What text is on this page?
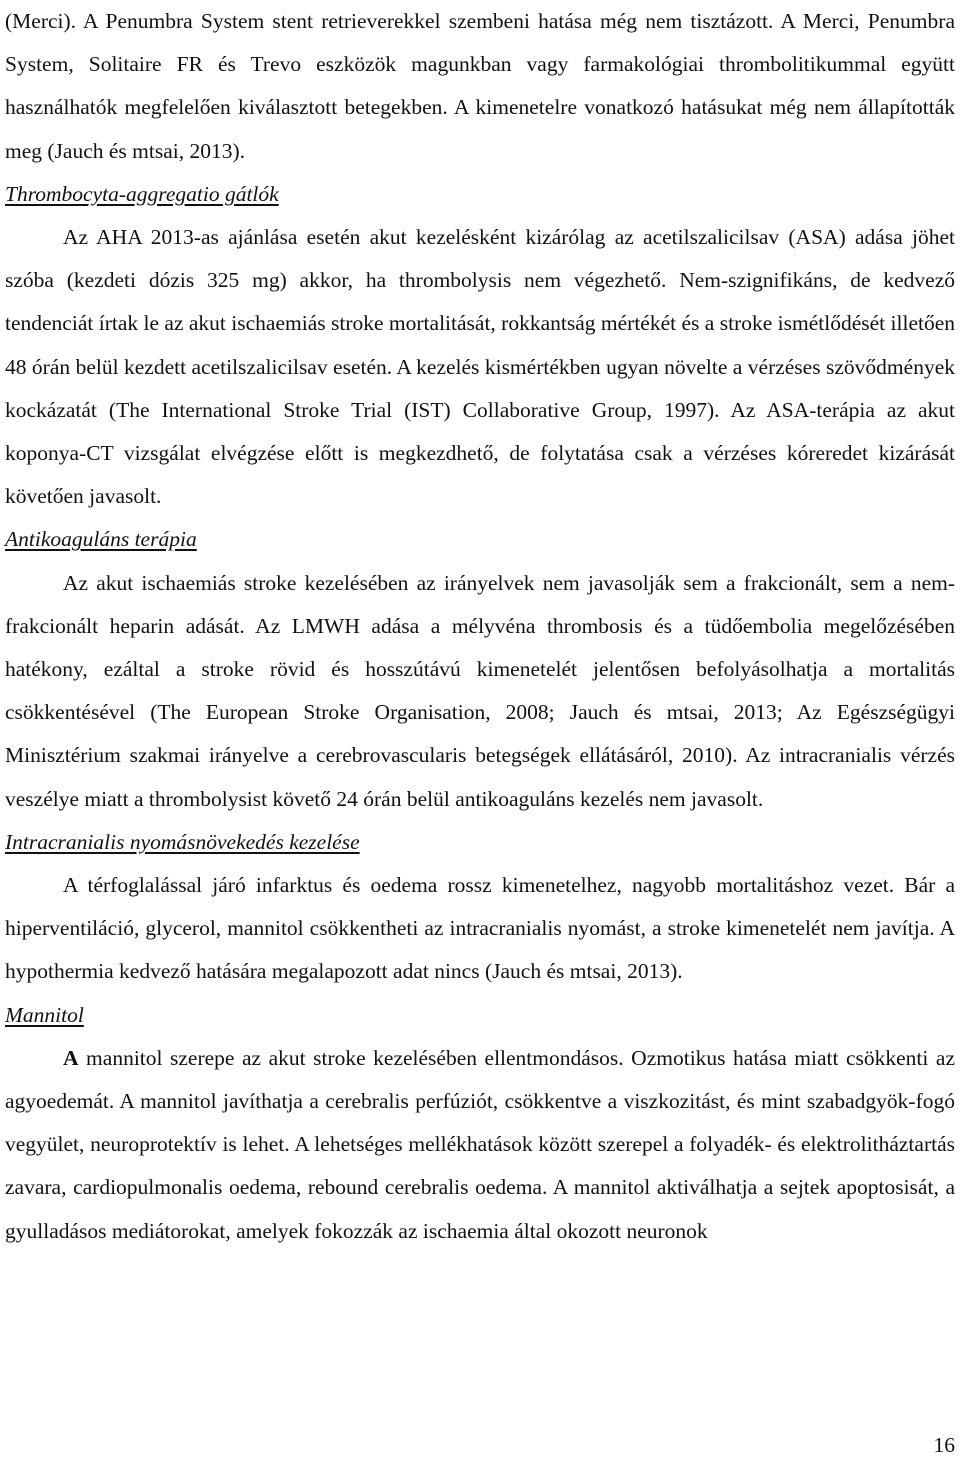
(Merci). A Penumbra System stent retrieverekkel szembeni hatása még nem tisztázott. A Merci, Penumbra System, Solitaire FR és Trevo eszközök magunkban vagy farmakológiai thrombolitikummal együtt használhatók megfelelően kiválasztott betegekben. A kimenetelre vonatkozó hatásukat még nem állapították meg (Jauch és mtsai, 2013).

Thrombocyta-aggregatio gátlók

Az AHA 2013-as ajánlása esetén akut kezelésként kizárólag az acetilszalicilsav (ASA) adása jöhet szóba (kezdeti dózis 325 mg) akkor, ha thrombolysis nem végezhető. Nem-szignifikáns, de kedvező tendenciát írtak le az akut ischaemiás stroke mortalitását, rokkantság mértékét és a stroke ismétlődését illetően 48 órán belül kezdett acetilszalicilsav esetén. A kezelés kismértékben ugyan növelte a vérzéses szövődmények kockázatát (The International Stroke Trial (IST) Collaborative Group, 1997). Az ASA-terápia az akut koponya-CT vizsgálat elvégzése előtt is megkezdhető, de folytatása csak a vérzéses kóreredet kizárását követően javasolt.

Antikoaguláns terápia

Az akut ischaemiás stroke kezelésében az irányelvek nem javasolják sem a frakcionált, sem a nem-frakcionált heparin adását. Az LMWH adása a mélyvéna thrombosis és a tüdőembolia megelőzésében hatékony, ezáltal a stroke rövid és hosszútávú kimenetelét jelentősen befolyásolhatja a mortalitás csökkentésével (The European Stroke Organisation, 2008; Jauch és mtsai, 2013; Az Egészségügyi Minisztérium szakmai irányelve a cerebrovascularis betegségek ellátásáról, 2010). Az intracranialis vérzés veszélye miatt a thrombolysist követő 24 órán belül antikoaguláns kezelés nem javasolt.

Intracranialis nyomásnövekedés kezelése

A térfoglalással járó infarktus és oedema rossz kimenetelhez, nagyobb mortalitáshoz vezet. Bár a hiperventiláció, glycerol, mannitol csökkentheti az intracranialis nyomást, a stroke kimenetelét nem javítja. A hypothermia kedvező hatására megalapozott adat nincs (Jauch és mtsai, 2013).

Mannitol

A mannitol szerepe az akut stroke kezelésében ellentmondásos. Ozmotikus hatása miatt csökkenti az agyoedemát. A mannitol javíthatja a cerebralis perfúziót, csökkentve a viszkozitást, és mint szabadgyök-fogó vegyület, neuroprotektív is lehet. A lehetséges mellékhatások között szerepel a folyadék- és elektrolitháztartás zavara, cardiopulmonalis oedema, rebound cerebralis oedema. A mannitol aktiválhatja a sejtek apoptosisát, a gyulladásos mediátorokat, amelyek fokozzák az ischaemia által okozott neuronok

16
